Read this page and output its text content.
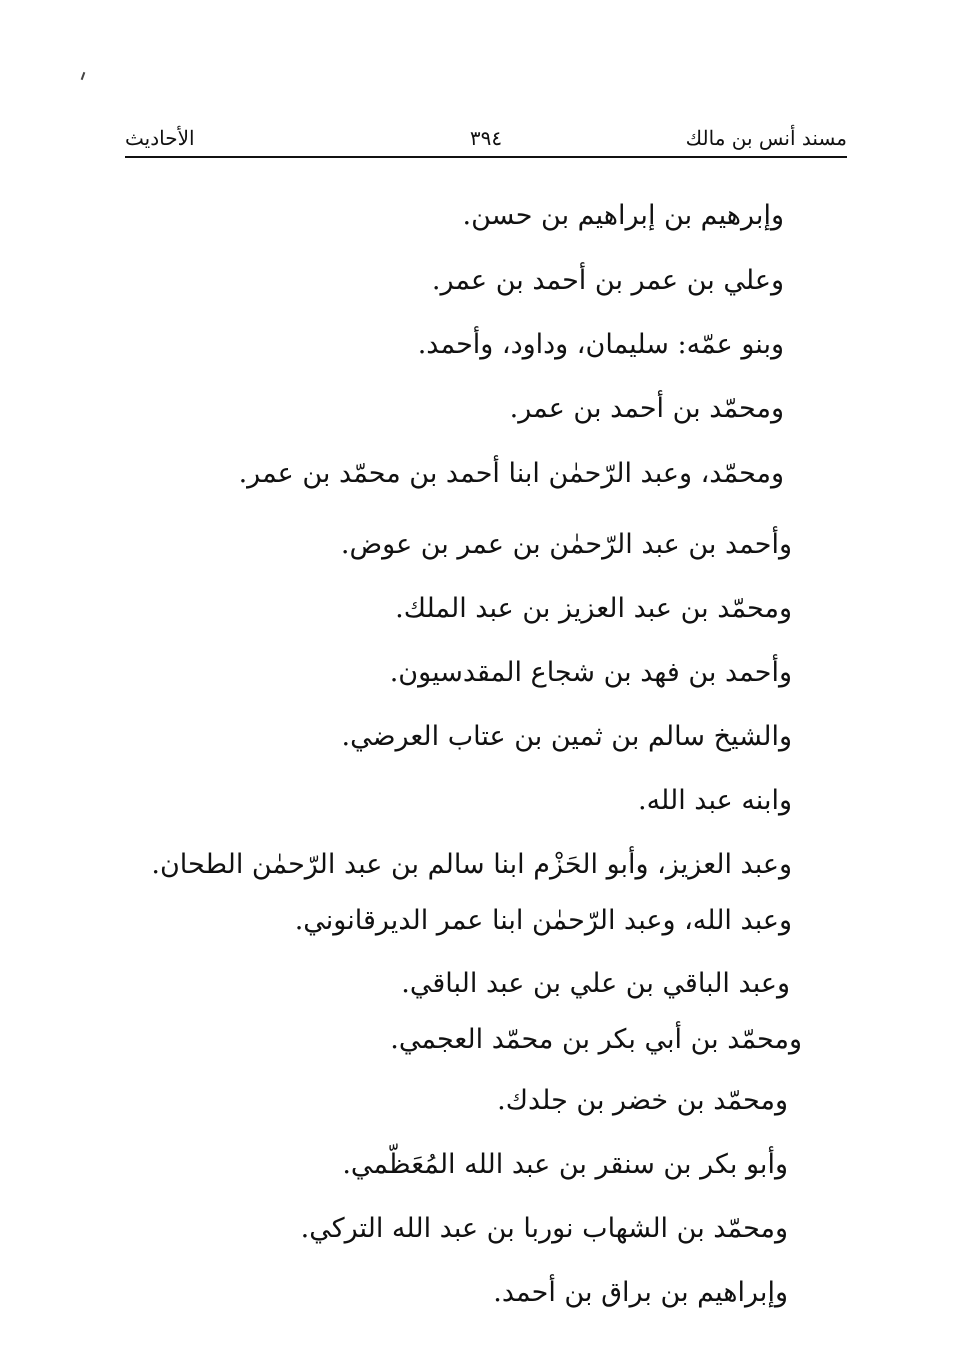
مسند أنس بن مالك
٣٩٤
الأحاديث
وإبرهيم بن إبراهيم بن حسن.
وعلي بن عمر بن أحمد بن عمر.
وبنو عمّه: سليمان، وداود، وأحمد.
ومحمّد بن أحمد بن عمر.
ومحمّد، وعبد الرّحمٰن ابنا أحمد بن محمّد بن عمر.
وأحمد بن عبد الرّحمٰن بن عمر بن عوض.
ومحمّد بن عبد العزيز بن عبد الملك.
وأحمد بن فهد بن شجاع المقدسيون.
والشيخ سالم بن ثمين بن عتاب العرضي.
وابنه عبد الله.
وعبد العزيز، وأبو الحَزْم ابنا سالم بن عبد الرّحمٰن الطحان.
وعبد الله، وعبد الرّحمٰن ابنا عمر الديرقانوني.
وعبد الباقي بن علي بن عبد الباقي.
ومحمّد بن أبي بكر بن محمّد العجمي.
ومحمّد بن خضر بن جلدك.
وأبو بكر بن سنقر بن عبد الله المُعَظّمي.
ومحمّد بن الشهاب نوربا بن عبد الله التركي.
وإبراهيم بن براق بن أحمد.
